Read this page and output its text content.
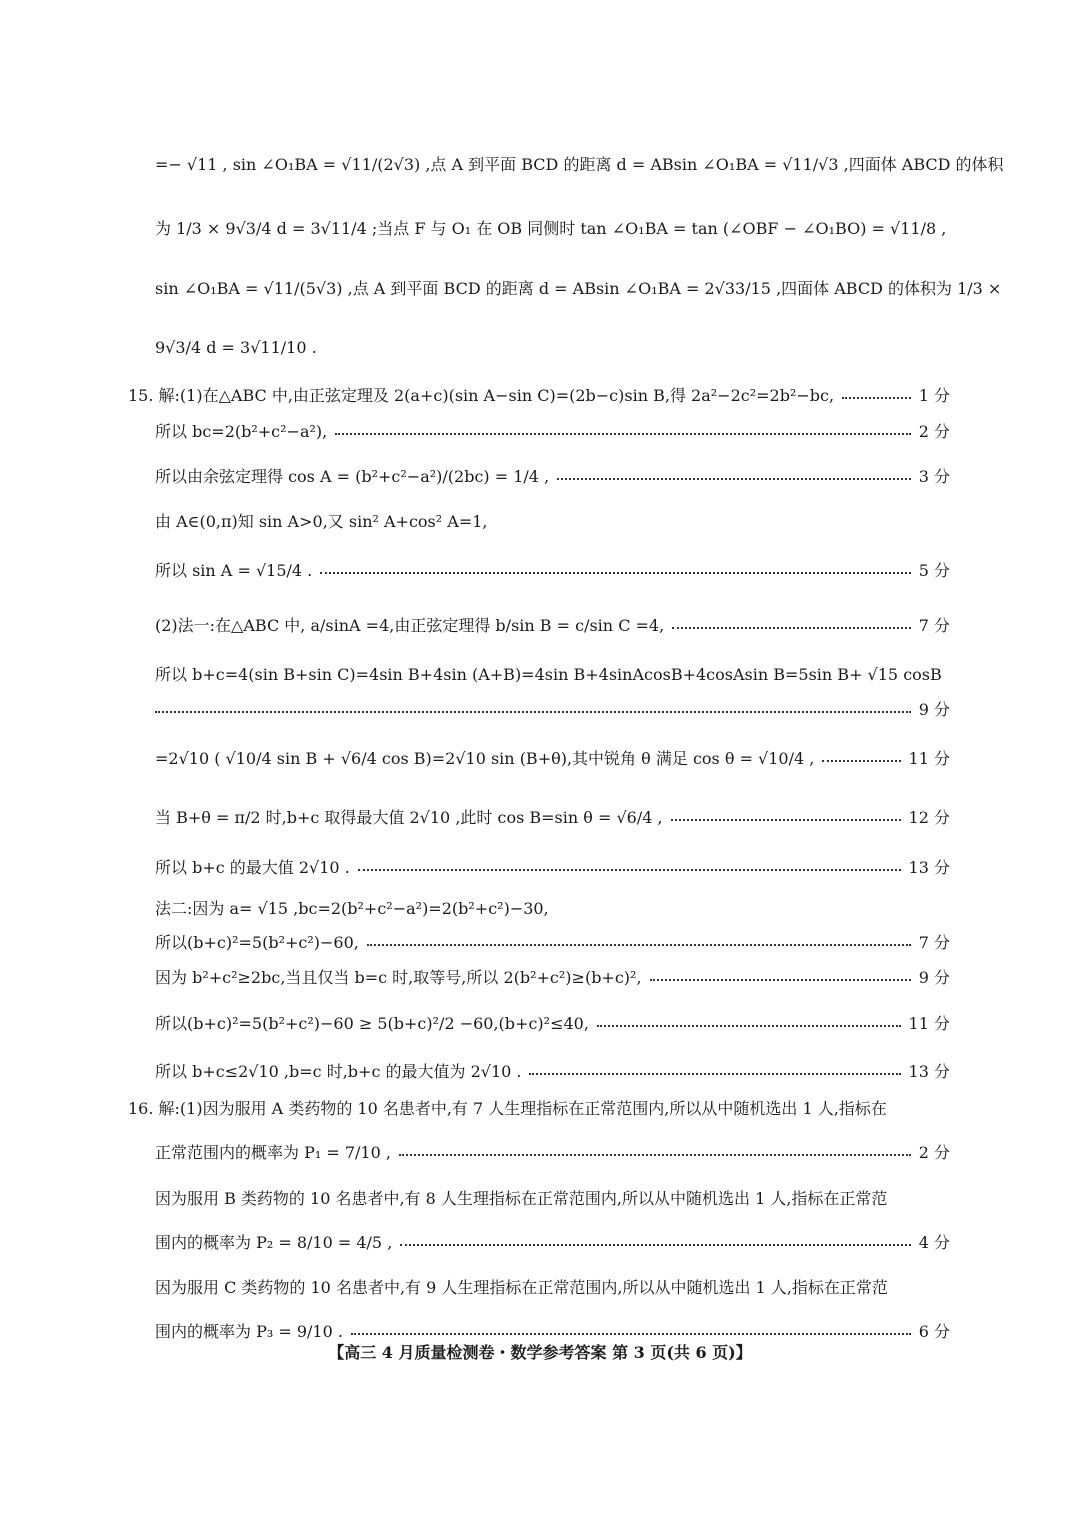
=− √11 , sin ∠O₁BA = √11/(2√3) ,点 A 到平面 BCD 的距离 d = ABsin ∠O₁BA = √11/√3 ,四面体 ABCD 的体积
为 1/3 × 9√3/4 d = 3√11/4 ;当点 F 与 O₁ 在 OB 同侧时 tan ∠O₁BA = tan (∠OBF − ∠O₁BO) = √11/8 ,
sin ∠O₁BA = √11/(5√3) ,点 A 到平面 BCD 的距离 d = ABsin ∠O₁BA = 2√33/15 ,四面体 ABCD 的体积为 1/3 ×
9√3/4 d = 3√11/10 .
15. 解:(1)在△ABC 中,由正弦定理及 2(a+c)(sin A−sin C)=(2b−c)sin B,得 2a²−2c²=2b²−bc,	1 分
所以 bc=2(b²+c²−a²),	2 分
所以由余弦定理得 cos A = (b²+c²−a²)/(2bc) = 1/4 ,	3 分
由 A∈(0,π)知 sin A>0,又 sin² A+cos² A=1,
所以 sin A = √15/4 .	5 分
(2)法一:在△ABC 中, a/sinA =4,由正弦定理得 b/sin B = c/sin C =4,	7 分
所以 b+c=4(sin B+sin C)=4sin B+4sin (A+B)=4sin B+4sinAcosB+4cosAsin B=5sin B+ √15 cosB
9 分
=2√10 ( √10/4 sin B + √6/4 cos B)=2√10 sin (B+θ),其中锐角 θ 满足 cos θ = √10/4 ,	11 分
当 B+θ = π/2 时,b+c 取得最大值 2√10 ,此时 cos B=sin θ = √6/4 ,	12 分
所以 b+c 的最大值 2√10 .	13 分
法二:因为 a= √15 ,bc=2(b²+c²−a²)=2(b²+c²)−30,
所以(b+c)²=5(b²+c²)−60,	7 分
因为 b²+c²≥2bc,当且仅当 b=c 时,取等号,所以 2(b²+c²)≥(b+c)²,	9 分
所以(b+c)²=5(b²+c²)−60 ≥ 5(b+c)²/2 −60,(b+c)²≤40,	11 分
所以 b+c≤2√10 ,b=c 时,b+c 的最大值为 2√10 .	13 分
16. 解:(1)因为服用 A 类药物的 10 名患者中,有 7 人生理指标在正常范围内,所以从中随机选出 1 人,指标在
正常范围内的概率为 P₁ = 7/10 ,	2 分
因为服用 B 类药物的 10 名患者中,有 8 人生理指标在正常范围内,所以从中随机选出 1 人,指标在正常范
围内的概率为 P₂ = 8/10 = 4/5 ,	4 分
因为服用 C 类药物的 10 名患者中,有 9 人生理指标在正常范围内,所以从中随机选出 1 人,指标在正常范
围内的概率为 P₃ = 9/10 .	6 分
【高三 4 月质量检测卷・数学参考答案 第 3 页(共 6 页)】
